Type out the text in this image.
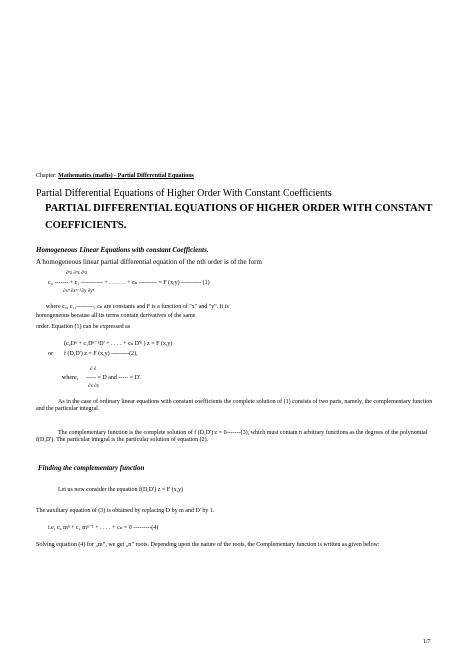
Chapter: Mathematics (maths) - Partial Differential Equations
Partial Differential Equations of Higher Order With Constant Coefficients
PARTIAL DIFFERENTIAL EQUATIONS OF HIGHER ORDER WITH CONSTANT
COEFFICIENTS.
Homogeneous Linear Equations with constant Coefficients.
A homogeneous linear partial differential equation of the nth order is of the form
∂ⁿz ∂ⁿz ∂ⁿz
c₀ ------- + c₁ ----------- + . . . . . . + cₙ --------- = F (x,y) ---------- (1)
∂xⁿ ∂xⁿ⁻¹∂y ∂yⁿ
where c₀, c₁,---------, cₙ are constants and F is a function of "x" and "y". It is
homogeneous because all its terms contain derivatives of the same
order. Equation (1) can be expressed as
(c₀Dⁿ + c₁Dⁿ⁻¹D' + . . . . + cₙ D'ⁿ ) z = F (x,y)
or f (D,D') z = F (x,y) ---------(2),
∂ ∂
where, ----- = D and ----- = D'.
∂x ∂y
As in the case of ordinary linear equations with constant coefficients the complete solution of (1) consists of two parts, namely, the complementary function and the particular integral.
The complementary function is the complete solution of f (D,D') z = 0-------(3), which must contain n arbitrary functions as the degrees of the polynomial f(D,D'). The particular integral is the particular solution of equation (2).
Finding the complementary function
Let us now consider the equation f(D,D') z = F (x,y)
The auxiliary equation of (3) is obtained by replacing D by m and D' by 1.
i.e, c₀ mⁿ + c₁ mⁿ⁻¹ + . . . . + cₙ = 0 ---------(4)
Solving equation (4) for „m”, we get „n” roots. Depending upon the nature of the roots, the Complementary function is written as given below:
1/7
